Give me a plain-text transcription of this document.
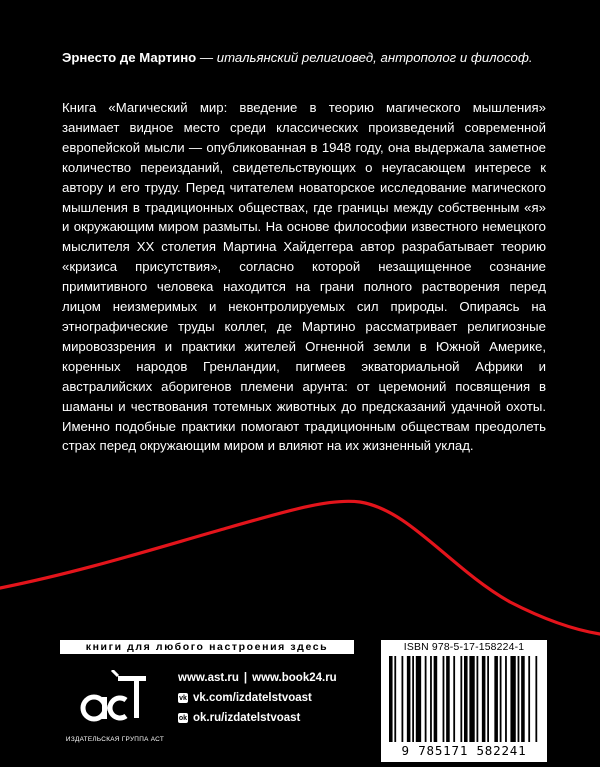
Эрнесто де Мартино — итальянский религиовед, антрополог и философ.
Книга «Магический мир: введение в теорию магического мышления» занимает видное место среди классических произведений современной европейской мысли — опубликованная в 1948 году, она выдержала заметное количество переизданий, свидетельствующих о неугасающем интересе к автору и его труду. Перед читателем новаторское исследование магического мышления в традиционных обществах, где границы между собственным «я» и окружающим миром размыты. На основе философии известного немецкого мыслителя XX столетия Мартина Хайдеггера автор разрабатывает теорию «кризиса присутствия», согласно которой незащищенное сознание примитивного человека находится на грани полного растворения перед лицом неизмеримых и неконтролируемых сил природы. Опираясь на этнографические труды коллег, де Мартино рассматривает религиозные мировоззрения и практики жителей Огненной земли в Южной Америке, коренных народов Гренландии, пигмеев экваториальной Африки и австралийских аборигенов племени арунта: от церемоний посвящения в шаманы и чествования тотемных животных до предсказаний удачной охоты. Именно подобные практики помогают традиционным обществам преодолеть страх перед окружающим миром и влияют на их жизненный уклад.
книги для любого настроения здесь
ИЗДАТЕЛЬСКАЯ ГРУППА АСТ
www.ast.ru | www.book24.ru
vk vk.com/izdatelstvoast
ok ok.ru/izdatelstvoast
ISBN 978-5-17-158224-1
9 785171 582241
